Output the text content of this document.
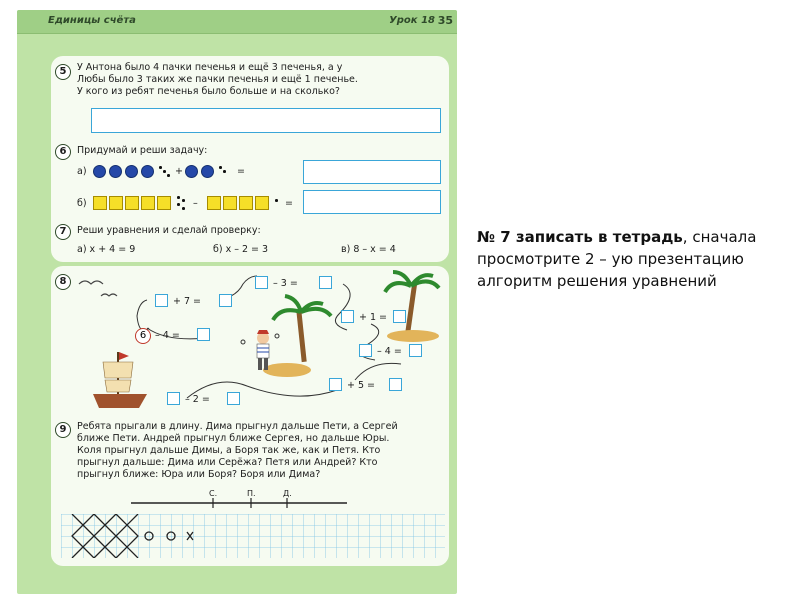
Единицы счёта	Урок 18 35
5	У Антона было 4 пачки печенья и ещё 3 печенья, а у
Любы было 3 таких же пачки печенья и ещё 1 печенье.
У кого из ребят печенья было больше и на сколько?
6	Придумай и реши задачу:
а)	+	=
б)	–	=
7	Реши уравнения и сделай проверку:
а) x + 4 = 9	б) x – 2 = 3	в) 8 – x = 4
8
+ 7 =
– 3 =
+ 1 =
– 4 =
+ 5 =
– 2 =
6 – 4 =
9	Ребята прыгали в длину. Дима прыгнул дальше Пети, а Сергей
ближе Пети. Андрей прыгнул ближе Сергея, но дальше Юры.
Коля прыгнул дальше Димы, а Боря так же, как и Петя. Кто
прыгнул дальше: Дима или Серёжа? Петя или Андрей? Кто
прыгнул ближе: Юра или Боря? Боря или Дима?
С.	П.	Д.
№ 7 записать в тетрадь, сначала просмотрите 2 – ую презентацию алгоритм решения уравнений
